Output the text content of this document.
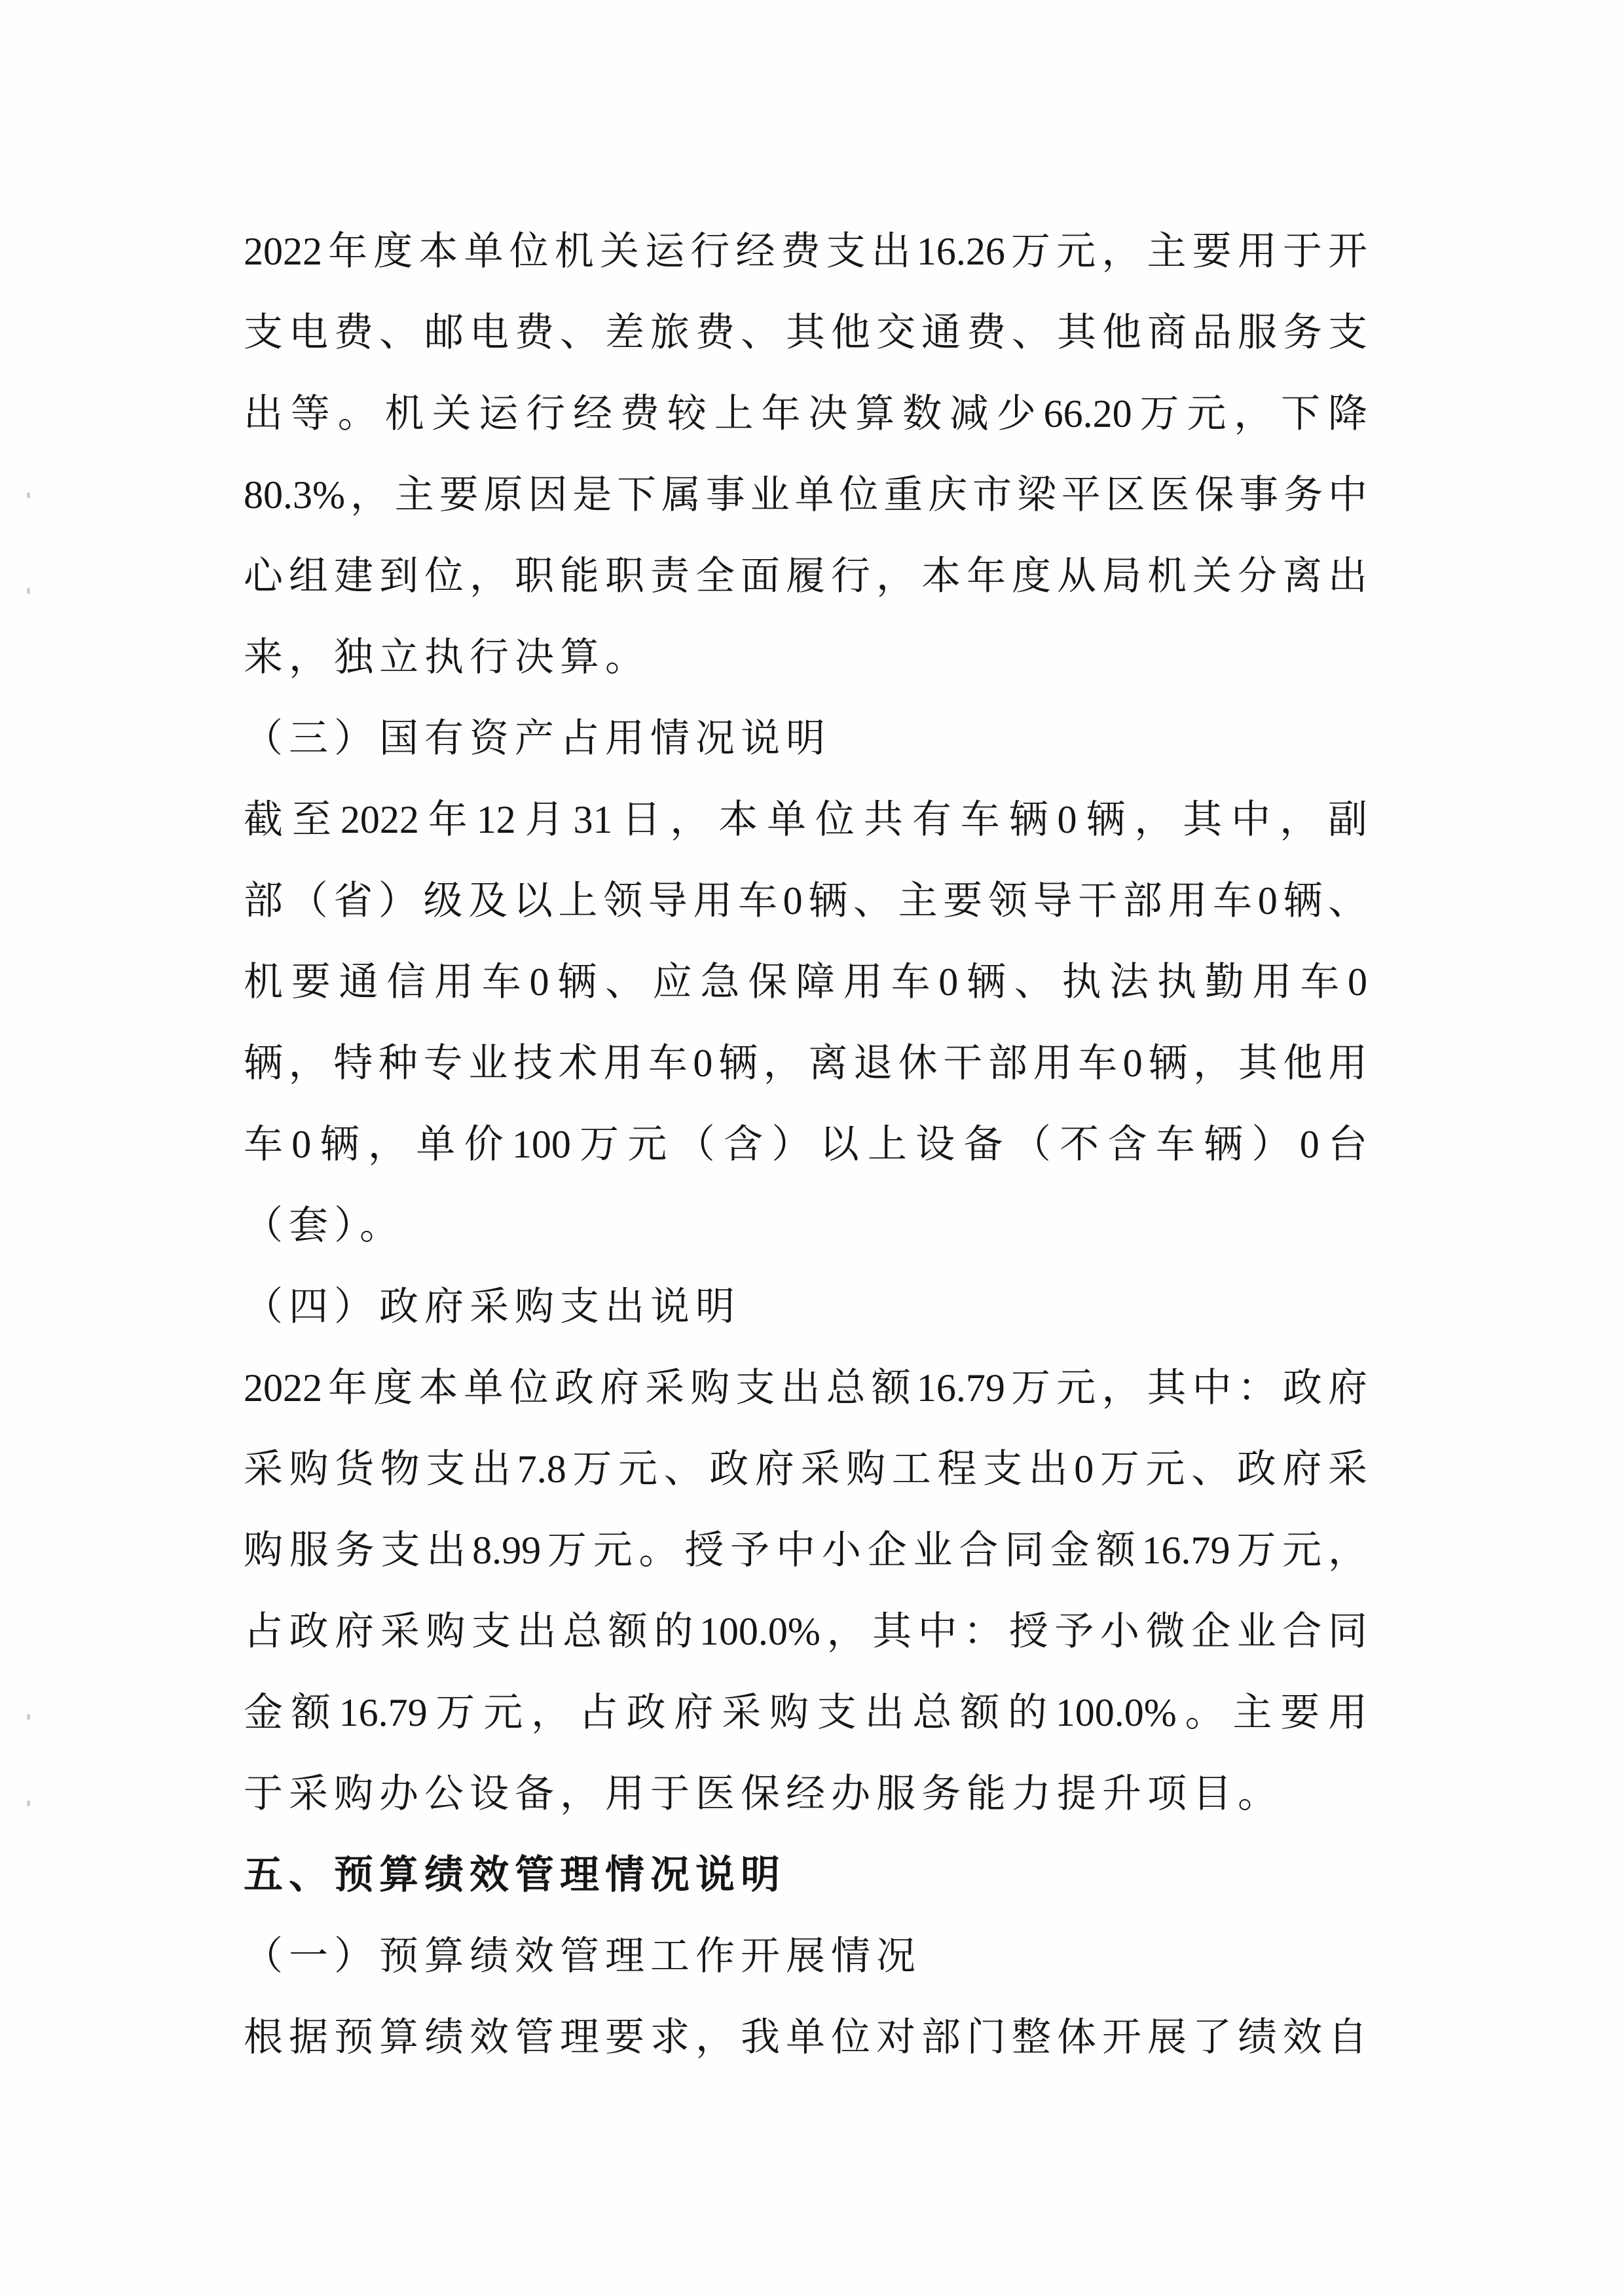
2022年度本单位机关运行经费支出16.26万元，主要用于开
支电费、邮电费、差旅费、其他交通费、其他商品服务支
出等。机关运行经费较上年决算数减少66.20万元，下降
80.3%，主要原因是下属事业单位重庆市梁平区医保事务中
心组建到位，职能职责全面履行，本年度从局机关分离出
来，独立执行决算。
（三）国有资产占用情况说明
截至2022年12月31日，本单位共有车辆0辆，其中，副
部（省）级及以上领导用车0辆、主要领导干部用车0辆、
机要通信用车0辆、应急保障用车0辆、执法执勤用车0
辆，特种专业技术用车0辆，离退休干部用车0辆，其他用
车0辆，单价100万元（含）以上设备（不含车辆）0台
（套）。
（四）政府采购支出说明
2022年度本单位政府采购支出总额16.79万元，其中：政府
采购货物支出7.8万元、政府采购工程支出0万元、政府采
购服务支出8.99万元。授予中小企业合同金额16.79万元，
占政府采购支出总额的100.0%，其中：授予小微企业合同
金额16.79万元，占政府采购支出总额的100.0%。主要用
于采购办公设备，用于医保经办服务能力提升项目。
五、预算绩效管理情况说明
（一）预算绩效管理工作开展情况
根据预算绩效管理要求，我单位对部门整体开展了绩效自
